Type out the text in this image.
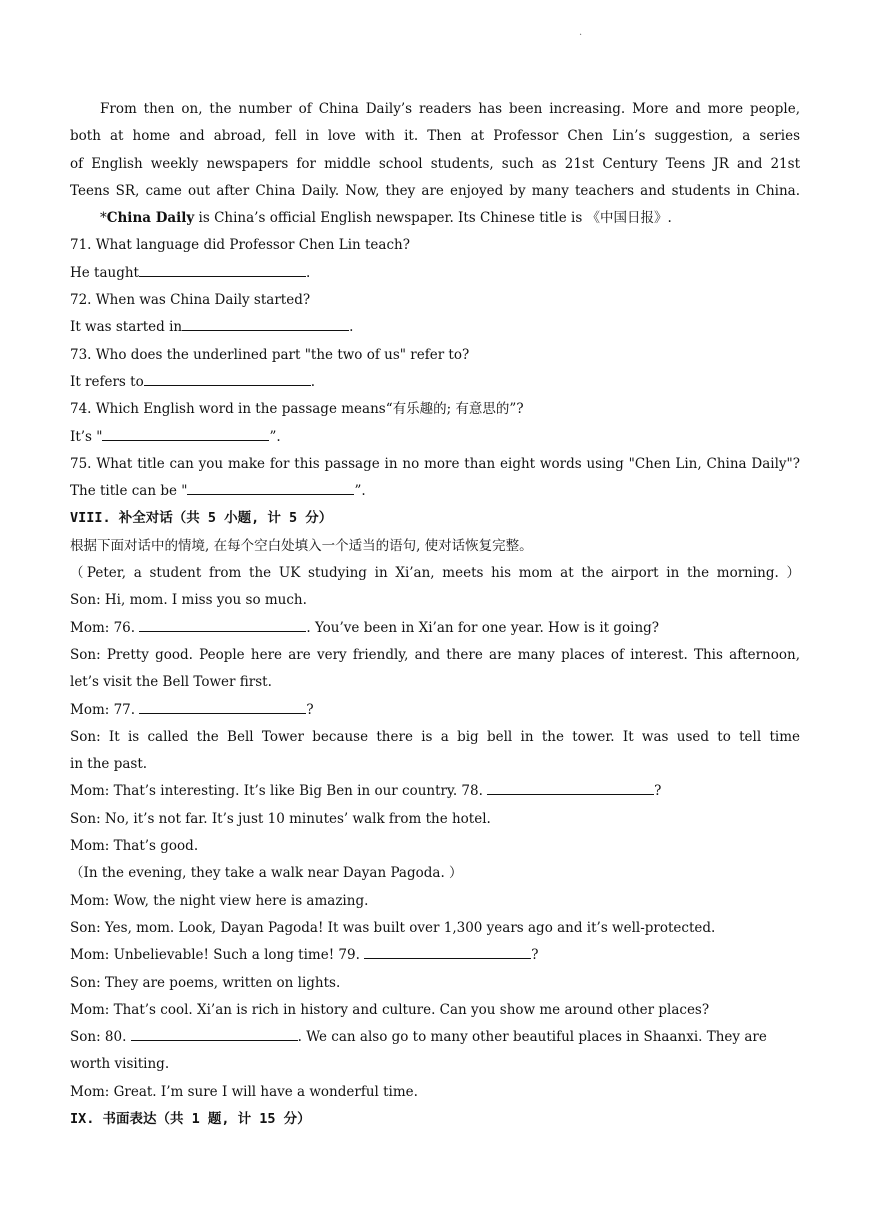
·
From then on, the number of China Daily’s readers has been increasing. More and more people,
both at home and abroad, fell in love with it. Then at Professor Chen Lin’s suggestion, a series
of English weekly newspapers for middle school students, such as 21st Century Teens JR and 21st
Teens SR, came out after China Daily. Now, they are enjoyed by many teachers and students in China.
*China Daily is China’s official English newspaper. Its Chinese title is 《中国日报》.
71. What language did Professor Chen Lin teach?
He taught	.
72. When was China Daily started?
It was started in	.
73. Who does the underlined part "the two of us" refer to?
It refers to	.
74. Which English word in the passage means“有乐趣的; 有意思的”?
It’s "	”.
75. What title can you make for this passage in no more than eight words using "Chen Lin, China Daily"?
The title can be "	”.
VIII. 补全对话（共 5 小题, 计 5 分）
根据下面对话中的情境, 在每个空白处填入一个适当的语句, 使对话恢复完整。
（Peter, a student from the UK studying in Xi’an, meets his mom at the airport in the morning. ）
Son: Hi, mom. I miss you so much.
Mom: 76.	. You’ve been in Xi’an for one year. How is it going?
Son: Pretty good. People here are very friendly, and there are many places of interest. This afternoon,
let’s visit the Bell Tower first.
Mom: 77.	?
Son: It is called the Bell Tower because there is a big bell in the tower. It was used to tell time
in the past.
Mom: That’s interesting. It’s like Big Ben in our country. 78.	?
Son: No, it’s not far. It’s just 10 minutes’ walk from the hotel.
Mom: That’s good.
（In the evening, they take a walk near Dayan Pagoda. ）
Mom: Wow, the night view here is amazing.
Son: Yes, mom. Look, Dayan Pagoda! It was built over 1,300 years ago and it’s well-protected.
Mom: Unbelievable! Such a long time! 79.	?
Son: They are poems, written on lights.
Mom: That’s cool. Xi’an is rich in history and culture. Can you show me around other places?
Son: 80.	. We can also go to many other beautiful places in Shaanxi. They are
worth visiting.
Mom: Great. I’m sure I will have a wonderful time.
IX. 书面表达（共 1 题, 计 15 分）
